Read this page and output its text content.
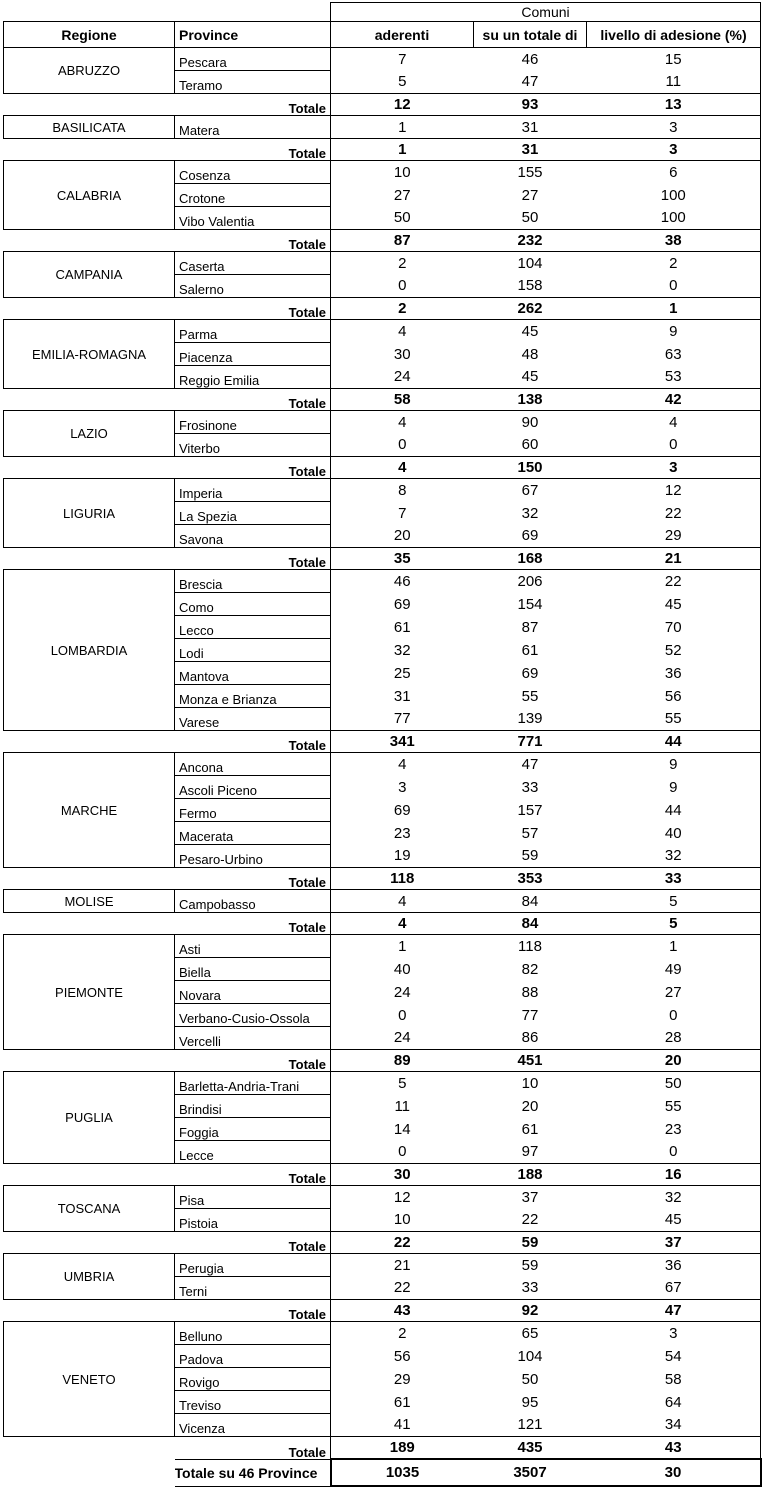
		Comuni		
Regione	Province	aderenti	su un totale di	livello di adesione (%)
ABRUZZO	Pescara	7	46	15
	Teramo	5	47	11
Totale		12	93	13
BASILICATA	Matera	1	31	3
Totale		1	31	3
CALABRIA	Cosenza	10	155	6
	Crotone	27	27	100
	Vibo Valentia	50	50	100
Totale		87	232	38
CAMPANIA	Caserta	2	104	2
	Salerno	0	158	0
Totale		2	262	1
EMILIA-ROMAGNA	Parma	4	45	9
	Piacenza	30	48	63
	Reggio Emilia	24	45	53
Totale		58	138	42
LAZIO	Frosinone	4	90	4
	Viterbo	0	60	0
Totale		4	150	3
LIGURIA	Imperia	8	67	12
	La Spezia	7	32	22
	Savona	20	69	29
Totale		35	168	21
LOMBARDIA	Brescia	46	206	22
	Como	69	154	45
	Lecco	61	87	70
	Lodi	32	61	52
	Mantova	25	69	36
	Monza e Brianza	31	55	56
	Varese	77	139	55
Totale		341	771	44
MARCHE	Ancona	4	47	9
	Ascoli Piceno	3	33	9
	Fermo	69	157	44
	Macerata	23	57	40
	Pesaro-Urbino	19	59	32
Totale		118	353	33
MOLISE	Campobasso	4	84	5
Totale		4	84	5
PIEMONTE	Asti	1	118	1
	Biella	40	82	49
	Novara	24	88	27
	Verbano-Cusio-Ossola	0	77	0
	Vercelli	24	86	28
Totale		89	451	20
PUGLIA	Barletta-Andria-Trani	5	10	50
	Brindisi	11	20	55
	Foggia	14	61	23
	Lecce	0	97	0
Totale		30	188	16
TOSCANA	Pisa	12	37	32
	Pistoia	10	22	45
Totale		22	59	37
UMBRIA	Perugia	21	59	36
	Terni	22	33	67
Totale		43	92	47
VENETO	Belluno	2	65	3
	Padova	56	104	54
	Rovigo	29	50	58
	Treviso	61	95	64
	Vicenza	41	121	34
Totale		189	435	43
	Totale su 46 Province	1035	3507	30
